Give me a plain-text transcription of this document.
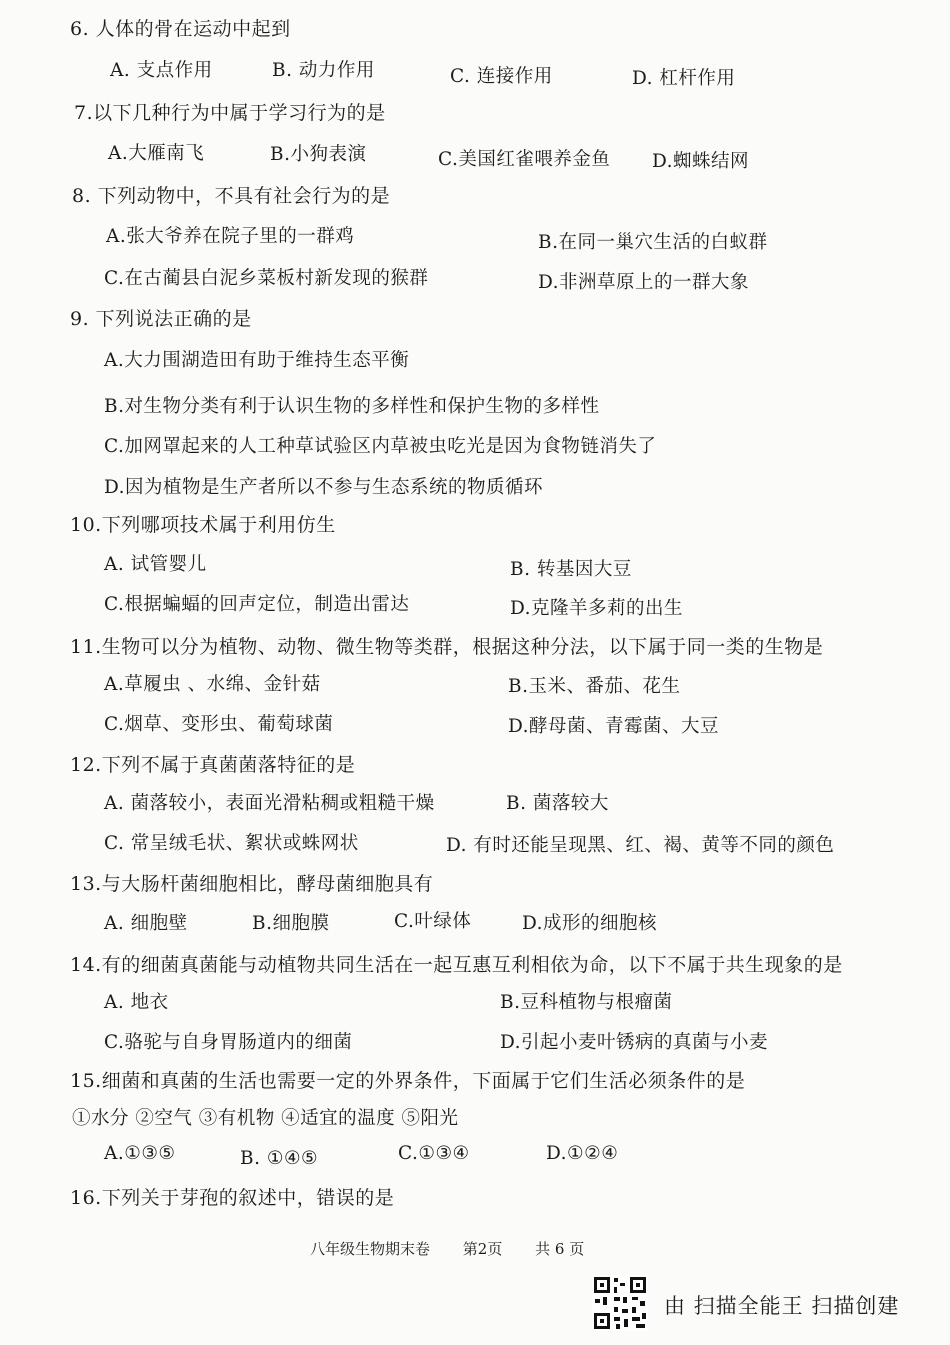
6. 人体的骨在运动中起到
A. 支点作用	B. 动力作用	C. 连接作用	D. 杠杆作用
7.以下几种行为中属于学习行为的是
A.大雁南飞	B.小狗表演	C.美国红雀喂养金鱼 D.蜘蛛结网
8. 下列动物中，不具有社会行为的是
A.张大爷养在院子里的一群鸡	B.在同一巢穴生活的白蚁群
C.在古蔺县白泥乡菜板村新发现的猴群	D.非洲草原上的一群大象
9. 下列说法正确的是
A.大力围湖造田有助于维持生态平衡
B.对生物分类有利于认识生物的多样性和保护生物的多样性
C.加网罩起来的人工种草试验区内草被虫吃光是因为食物链消失了
D.因为植物是生产者所以不参与生态系统的物质循环
10.下列哪项技术属于利用仿生
A. 试管婴儿	B. 转基因大豆
C.根据蝙蝠的回声定位，制造出雷达	D.克隆羊多莉的出生
11.生物可以分为植物、动物、微生物等类群，根据这种分法，以下属于同一类的生物是
A.草履虫 、水绵、金针菇	B.玉米、番茄、花生
C.烟草、变形虫、葡萄球菌	D.酵母菌、青霉菌、大豆
12.下列不属于真菌菌落特征的是
A. 菌落较小，表面光滑粘稠或粗糙干燥	B. 菌落较大
C. 常呈绒毛状、絮状或蛛网状	D. 有时还能呈现黑、红、褐、黄等不同的颜色
13.与大肠杆菌细胞相比，酵母菌细胞具有
A. 细胞壁	B.细胞膜	C.叶绿体	D.成形的细胞核
14.有的细菌真菌能与动植物共同生活在一起互惠互利相依为命，以下不属于共生现象的是
A. 地衣	B.豆科植物与根瘤菌
C.骆驼与自身胃肠道内的细菌	D.引起小麦叶锈病的真菌与小麦
15.细菌和真菌的生活也需要一定的外界条件，下面属于它们生活必须条件的是
①水分 ②空气 ③有机物 ④适宜的温度 ⑤阳光
A.①③⑤	B. ①④⑤	C.①③④	D.①②④
16.下列关于芽孢的叙述中，错误的是
八年级生物期末卷 第2页 共 6 页
由 扫描全能王 扫描创建
